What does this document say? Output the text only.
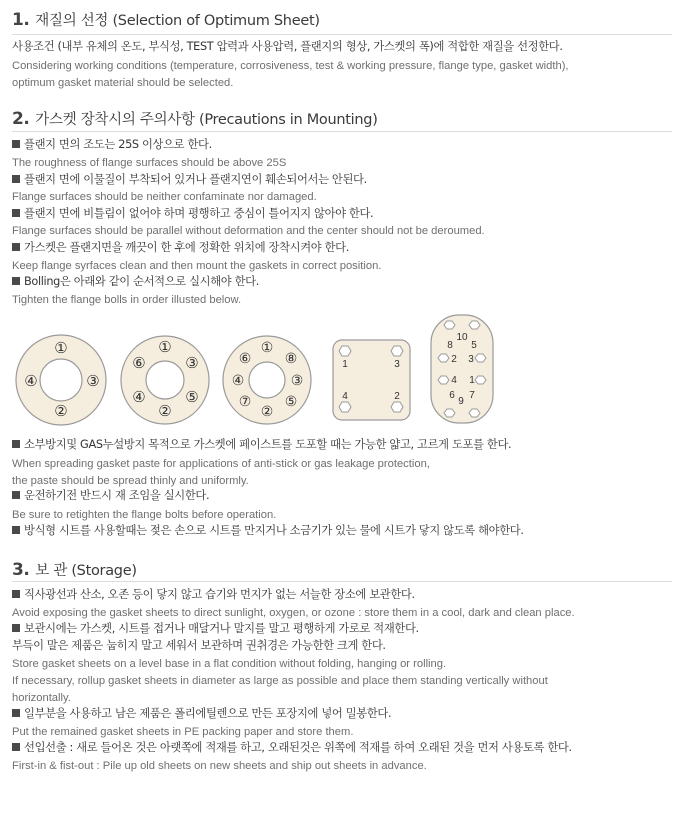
1. 재질의 선정 (Selection of Optimum Sheet)
사용조건 (내부 유체의 온도, 부식성, TEST 압력과 사용압력, 플랜지의 형상, 가스켓의 폭)에 적합한 재질을 선정한다.
Considering working conditions (temperature, corrosiveness, test & working pressure, flange type, gasket width),
optimum gasket material should be selected.
2. 가스켓 장착시의 주의사항 (Precautions in Mounting)
플랜지 면의 조도는 25S 이상으로 한다.
The roughness of flange surfaces should be above 25S
플랜지 면에 이물질이 부착되어 있거나 플랜지연이 훼손되어서는 안된다.
Flange surfaces should be neither confaminate nor damaged.
플랜지 면에 비틀림이 없어야 하며 평행하고 중심이 틀어지지 않아야 한다.
Flange surfaces should be parallel without deformation and the center should not be deroumed.
가스켓은 플랜지면을 깨끗이 한 후에 정확한 위치에 장착시켜야 한다.
Keep flange syrfaces clean and then mount the gaskets in correct position.
Bolling은 아래와 같이 순서적으로 실시해야 한다.
Tighten the flange bolls in order illusted below.
①
④	③
②
①
⑥	③
④	⑤
②
①
⑥ ⑧
④	③
⑦ ⑤
②
1	3
4	2
10
8 5
2 3
4 1
6
9
7
소부방지및 GAS누설방지 목적으로 가스켓에 페이스트를 도포할 때는 가능한 얇고, 고르게 도포를 한다.
When spreading gasket paste for applications of anti-stick or gas leakage protection,
the paste should be spread thinly and uniformly.
운전하기전 반드시 재 조임을 실시한다.
Be sure to retighten the flange bolts before operation.
방식형 시트를 사용할때는 젖은 손으로 시트를 만지거나 소금기가 있는 물에 시트가 닿지 않도록 해야한다.
3. 보 관 (Storage)
직사광선과 산소, 오존 등이 닿지 않고 습기와 먼지가 없는 서늘한 장소에 보관한다.
Avoid exposing the gasket sheets to direct sunlight, oxygen, or ozone : store them in a cool, dark and clean place.
보관시에는 가스켓, 시트를 접거나 매달거나 말지를 말고 평행하게 가로로 적재한다.
부득이 말은 제품은 눕히지 말고 세워서 보관하며 권취경은 가능한한 크게 한다.
Store gasket sheets on a level base in a flat condition without folding, hanging or rolling.
If necessary, rollup gasket sheets in diameter as large as possible and place them standing vertically without
horizontally.
일부분을 사용하고 남은 제품은 폴리에틸렌으로 만든 포장지에 넣어 밀봉한다.
Put the remained gasket sheets in PE packing paper and store them.
선입선출 : 새로 들어온 것은 아랫쪽에 적재를 하고, 오래된것은 위쪽에 적재를 하여 오래된 것을 먼저 사용토록 한다.
First-in & fist-out : Pile up old sheets on new sheets and ship out sheets in advance.
